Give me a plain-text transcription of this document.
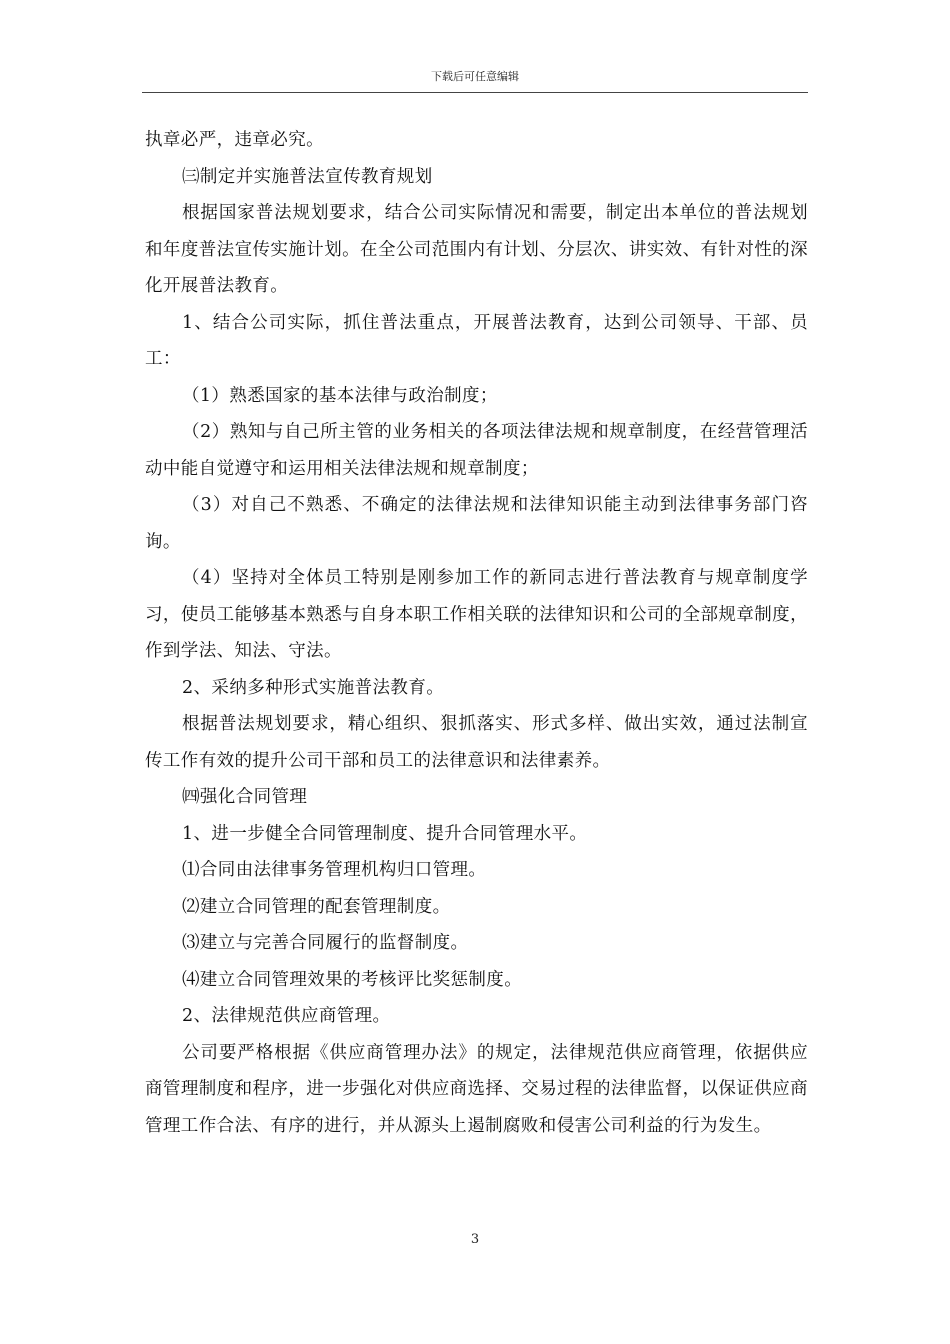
下载后可任意编辑

执章必严，违章必究。

㈢制定并实施普法宣传教育规划

根据国家普法规划要求，结合公司实际情况和需要，制定出本单位的普法规划和年度普法宣传实施计划。在全公司范围内有计划、分层次、讲实效、有针对性的深化开展普法教育。

1、结合公司实际，抓住普法重点，开展普法教育，达到公司领导、干部、员工：

（1）熟悉国家的基本法律与政治制度；

（2）熟知与自己所主管的业务相关的各项法律法规和规章制度，在经营管理活动中能自觉遵守和运用相关法律法规和规章制度；

（3）对自己不熟悉、不确定的法律法规和法律知识能主动到法律事务部门咨询。

（4）坚持对全体员工特别是刚参加工作的新同志进行普法教育与规章制度学习，使员工能够基本熟悉与自身本职工作相关联的法律知识和公司的全部规章制度，作到学法、知法、守法。

2、采纳多种形式实施普法教育。

根据普法规划要求，精心组织、狠抓落实、形式多样、做出实效，通过法制宣传工作有效的提升公司干部和员工的法律意识和法律素养。

㈣强化合同管理

1、进一步健全合同管理制度、提升合同管理水平。

⑴合同由法律事务管理机构归口管理。

⑵建立合同管理的配套管理制度。

⑶建立与完善合同履行的监督制度。

⑷建立合同管理效果的考核评比奖惩制度。

2、法律规范供应商管理。

公司要严格根据《供应商管理办法》的规定，法律规范供应商管理，依据供应商管理制度和程序，进一步强化对供应商选择、交易过程的法律监督，以保证供应商管理工作合法、有序的进行，并从源头上遏制腐败和侵害公司利益的行为发生。

3
